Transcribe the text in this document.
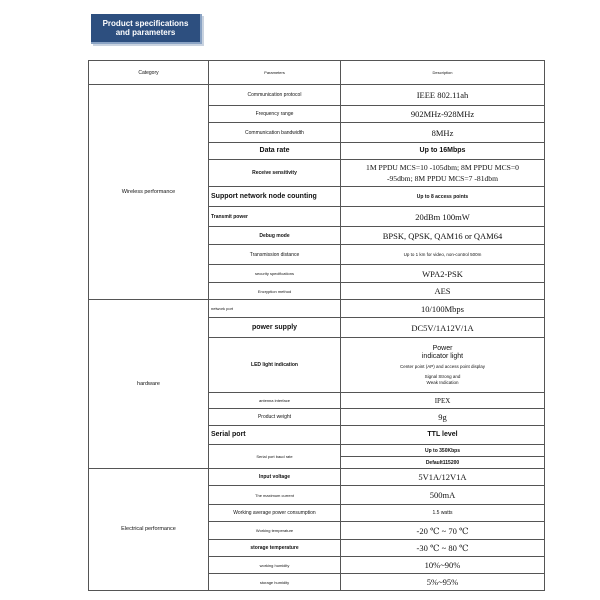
Product specifications
and parameters
Category	Parameters	Description
Wireless performance	Communication protocol	IEEE 802.11ah
	Frequency range	902MHz-928MHz
	Communication bandwidth	8MHz
	Data rate	Up to 16Mbps
	Receive sensitivity	1M PPDU MCS=10 -105dbm; 8M PPDU MCS=0
-95dbm; 8M PPDU MCS=7 -81dbm

	Support network node counting	Up to 8 access points
	Transmit power	20dBm 100mW
	Debug mode	BPSK, QPSK, QAM16 or QAM64
	Transmission distance	Up to 1 km for video, non-control 500m
	security specifications	WPA2-PSK
	Encryption method	AES
hardware	network port	10/100Mbps
	power supply	DC5V/1A12V/1A
	LED light indication	Power
indicator light
Center point (AP) and access point display
Signal Strong and
Weak Indication

	antenna interface	IPEX
	Product weight	9g
	Serial port	TTL level
	Serial port baud rate	Up to 350Kbps
		Default115200
Electrical performance	Input voltage	5V1A/12V1A
	The maximum current	500mA
	Working average power consumption	1.5 watts
	Working temperature	-20 ℃ ~ 70 ℃
	storage temperature	-30 ℃ ~ 80 ℃
	working humidity	10%~90%
	storage humidity	5%~95%
